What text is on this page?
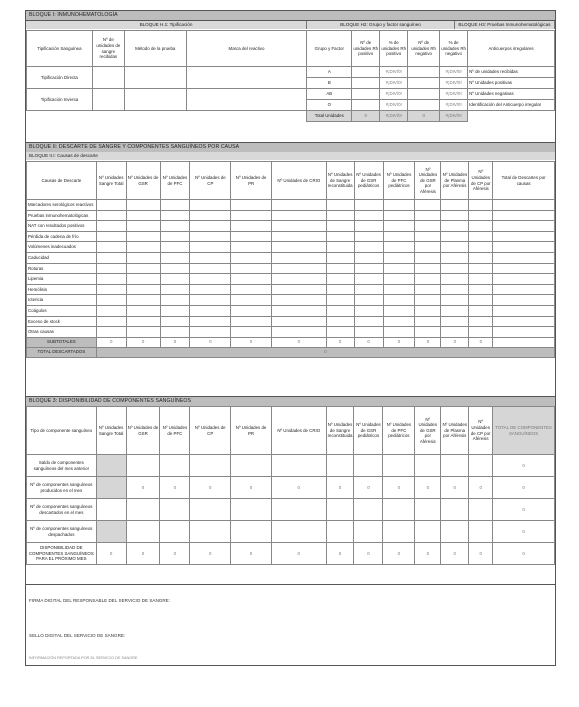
BLOQUE I: INMUNOHEMATOLOGÍA
BLOQUE H.1: Tipificación	BLOQUE H2: Grupo y factor sanguíneo	BLOQUE H3: Pruebas Inmunohematológicas
Tipificación Sanguínea	Nº de unidades de sangre recibidas	Método de la prueba	Marca del reactivo	Grupo y Factor	Nº de unidades Rh positivo	% de unidades Rh positivo	Nº de unidades Rh negativo	% de unidades Rh negativo	Anticuerpos irregulares
Tipificación Directa				A		#¡DIV/0!		#¡DIV/0!	Nº de unidades recibidas
				B		#¡DIV/0!		#¡DIV/0!	Nº Unidades positivas
Tipificación Inversa				AB		#¡DIV/0!		#¡DIV/0!	Nº Unidades negativas
				O		#¡DIV/0!		#¡DIV/0!	Identificación del Anticuerpo irregular
				Total Unidades	0	#¡DIV/0!	0	#¡DIV/0!	
BLOQUE II: DESCARTE DE SANGRE Y COMPONENTES SANGUÍNEOS POR CAUSA
BLOQUE II.I: Causas de descarte
Causas de Descarte	Nº Unidades Sangre Total	Nº Unidades de GSR	Nº Unidades de PFC	Nº Unidades de CP	Nº Unidades de PR	Nº Unidades de CRIO	Nº Unidades de Sangre reconstituida	Nº Unidades de GSR pediátricos	Nº Unidades de PFC pediátricos	Nº Unidades de GSR por Aféresis	Nº Unidades de Plasma por Aféresis	Nº Unidades de CP por Aféresis	Total de Descartes por causas
Marcadores serológicos reactivos													
Pruebas inmunohematológicas													
NAT con resultados positivos													
Pérdida de cadena de frío													
Volúmenes inadecuados													
Caducidad													
Roturas													
Lipemia													
Hemólisis													
Ictericia													
Coágulos													
Exceso de stock													
Otras causas													
SUBTOTALES	0	0	0	0	0	0	0	0	0	0	0	0	
TOTAL DESCARTADOS	0												
BLOQUE 3: DISPONIBILIDAD DE COMPONENTES SANGUÍNEOS
Tipo de componente sanguíneo	Nº Unidades Sangre Total	Nº Unidades de GSR	Nº Unidades de PFC	Nº Unidades de CP	Nº Unidades de PR	Nº Unidades de CRIO	Nº Unidades de Sangre reconstituida	Nº Unidades de GSR pediátricos	Nº Unidades de PFC pediátricos	Nº Unidades de GSR por Aféresis	Nº Unidades de Plasma por Aféresis	Nº Unidades de CP por Aféresis	TOTAL DE COMPONENTES SANGUÍNEOS
Saldo de componentes sanguíneos del mes anterior													0
Nº de componentes sanguíneos producidos en el mes		0	0	0	0	0	0	0	0	0	0	0	0
Nº de componentes sanguíneos descartados en el mes													0
Nº de componentes sanguíneos despachados													0
DISPONIBILIDAD DE COMPONENTES SANGUÍNEOS PARA EL PRÓXIMO MES	0	0	0	0	0	0	0	0	0	0	0	0	0
FIRMA DIGITAL DEL RESPONSABLE DEL SERVICIO DE SANGRE:
SELLO DIGITAL DEL SERVICIO DE SANGRE:
INFORMACIÓN REPORTADA POR EL SERVICIO DE SANGRE
